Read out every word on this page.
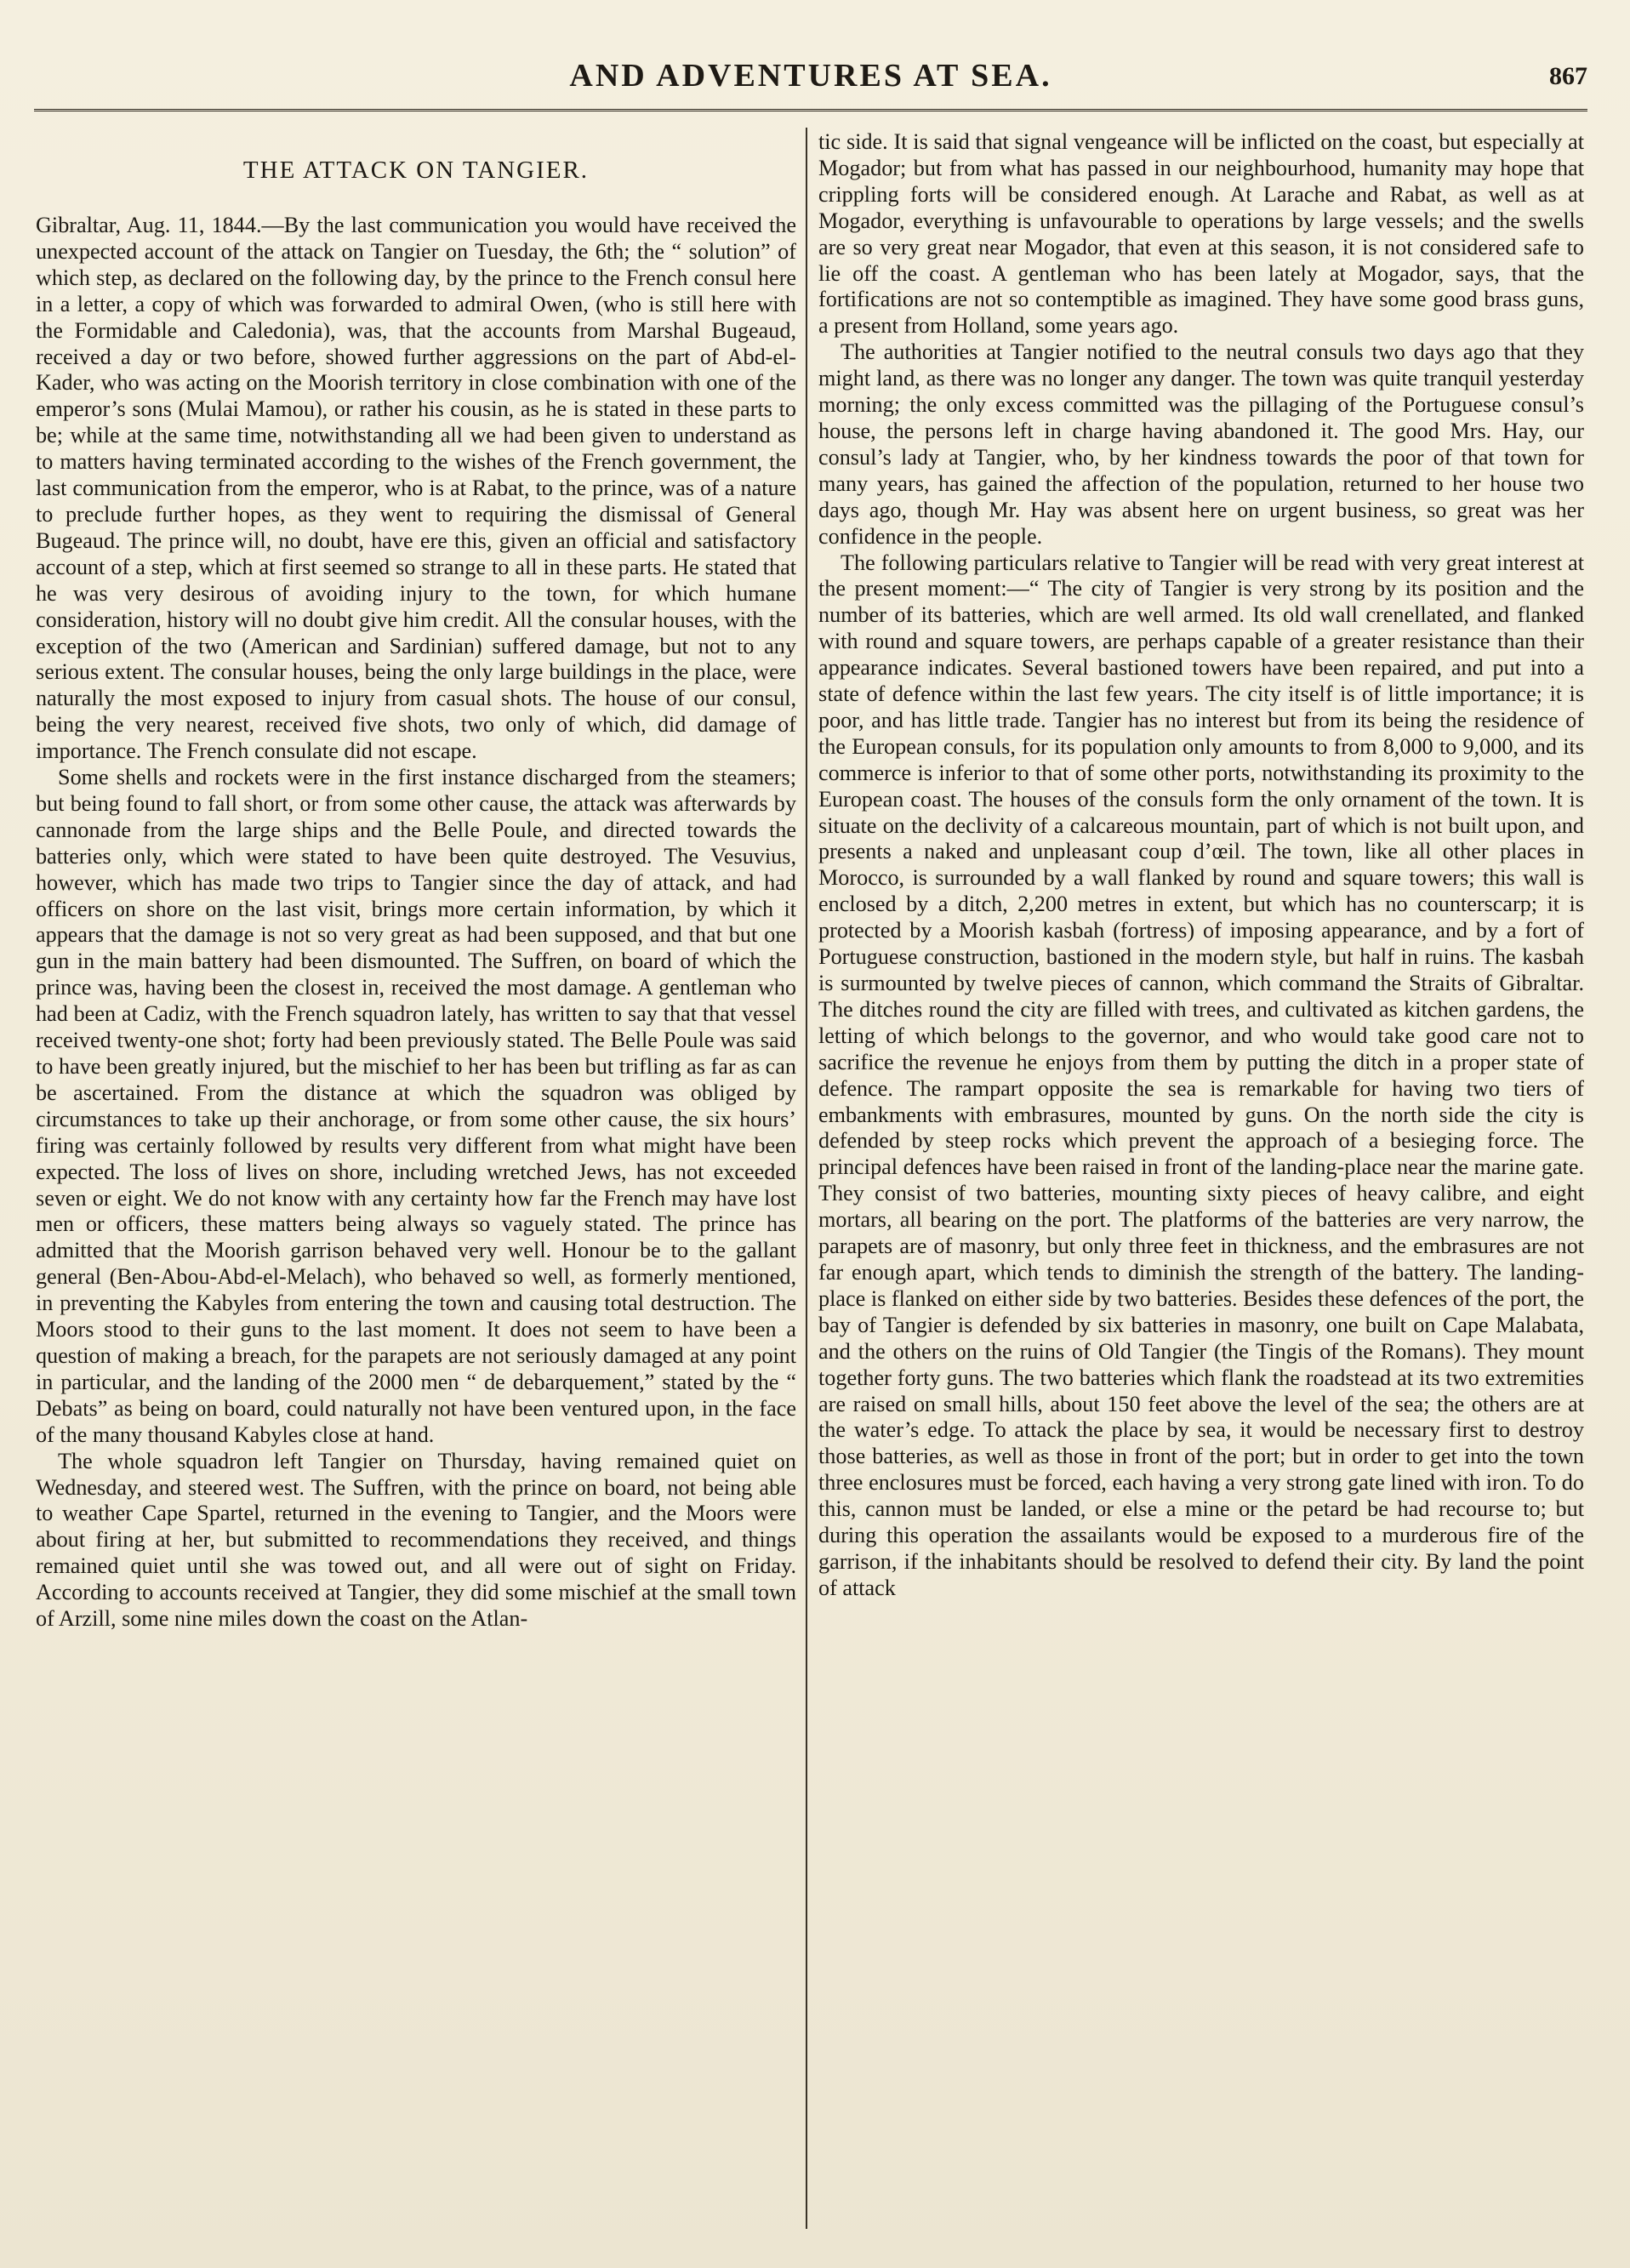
AND ADVENTURES AT SEA.	867
THE ATTACK ON TANGIER.

Gibraltar, Aug. 11, 1844.—By the last communication you would have received the unexpected account of the attack on Tangier on Tuesday, the 6th; the “ solution” of which step, as declared on the following day, by the prince to the French consul here in a letter, a copy of which was forwarded to admiral Owen, (who is still here with the Formidable and Caledonia), was, that the accounts from Marshal Bugeaud, received a day or two before, showed further aggressions on the part of Abd-el-Kader, who was acting on the Moorish territory in close combination with one of the emperor’s sons (Mulai Mamou), or rather his cousin, as he is stated in these parts to be; while at the same time, notwithstanding all we had been given to understand as to matters having terminated according to the wishes of the French government, the last communication from the emperor, who is at Rabat, to the prince, was of a nature to preclude further hopes, as they went to requiring the dismissal of General Bugeaud. The prince will, no doubt, have ere this, given an official and satisfactory account of a step, which at first seemed so strange to all in these parts. He stated that he was very desirous of avoiding injury to the town, for which humane consideration, history will no doubt give him credit. All the consular houses, with the exception of the two (American and Sardinian) suffered damage, but not to any serious extent. The consular houses, being the only large buildings in the place, were naturally the most exposed to injury from casual shots. The house of our consul, being the very nearest, received five shots, two only of which, did damage of importance. The French consulate did not escape.

Some shells and rockets were in the first instance discharged from the steamers; but being found to fall short, or from some other cause, the attack was afterwards by cannonade from the large ships and the Belle Poule, and directed towards the batteries only, which were stated to have been quite destroyed. The Vesuvius, however, which has made two trips to Tangier since the day of attack, and had officers on shore on the last visit, brings more certain information, by which it appears that the damage is not so very great as had been supposed, and that but one gun in the main battery had been dismounted. The Suffren, on board of which the prince was, having been the closest in, received the most damage. A gentleman who had been at Cadiz, with the French squadron lately, has written to say that that vessel received twenty-one shot; forty had been previously stated. The Belle Poule was said to have been greatly injured, but the mischief to her has been but trifling as far as can be ascertained. From the distance at which the squadron was obliged by circumstances to take up their anchorage, or from some other cause, the six hours’ firing was certainly followed by results very different from what might have been expected. The loss of lives on shore, including wretched Jews, has not exceeded seven or eight. We do not know with any certainty how far the French may have lost men or officers, these matters being always so vaguely stated. The prince has admitted that the Moorish garrison behaved very well. Honour be to the gallant general (Ben-Abou-Abd-el-Melach), who behaved so well, as formerly mentioned, in preventing the Kabyles from entering the town and causing total destruction. The Moors stood to their guns to the last moment. It does not seem to have been a question of making a breach, for the parapets are not seriously damaged at any point in particular, and the landing of the 2000 men “ de debarquement,” stated by the “ Debats” as being on board, could naturally not have been ventured upon, in the face of the many thousand Kabyles close at hand.

The whole squadron left Tangier on Thursday, having remained quiet on Wednesday, and steered west. The Suffren, with the prince on board, not being able to weather Cape Spartel, returned in the evening to Tangier, and the Moors were about firing at her, but submitted to recommendations they received, and things remained quiet until she was towed out, and all were out of sight on Friday. According to accounts received at Tangier, they did some mischief at the small town of Arzill, some nine miles down the coast on the Atlan-

tic side. It is said that signal vengeance will be inflicted on the coast, but especially at Mogador; but from what has passed in our neighbourhood, humanity may hope that crippling forts will be considered enough. At Larache and Rabat, as well as at Mogador, everything is unfavourable to operations by large vessels; and the swells are so very great near Mogador, that even at this season, it is not considered safe to lie off the coast. A gentleman who has been lately at Mogador, says, that the fortifications are not so contemptible as imagined. They have some good brass guns, a present from Holland, some years ago.

The authorities at Tangier notified to the neutral consuls two days ago that they might land, as there was no longer any danger. The town was quite tranquil yesterday morning; the only excess committed was the pillaging of the Portuguese consul’s house, the persons left in charge having abandoned it. The good Mrs. Hay, our consul’s lady at Tangier, who, by her kindness towards the poor of that town for many years, has gained the affection of the population, returned to her house two days ago, though Mr. Hay was absent here on urgent business, so great was her confidence in the people.

The following particulars relative to Tangier will be read with very great interest at the present moment:—“ The city of Tangier is very strong by its position and the number of its batteries, which are well armed. Its old wall crenellated, and flanked with round and square towers, are perhaps capable of a greater resistance than their appearance indicates. Several bastioned towers have been repaired, and put into a state of defence within the last few years. The city itself is of little importance; it is poor, and has little trade. Tangier has no interest but from its being the residence of the European consuls, for its population only amounts to from 8,000 to 9,000, and its commerce is inferior to that of some other ports, notwithstanding its proximity to the European coast. The houses of the consuls form the only ornament of the town. It is situate on the declivity of a calcareous mountain, part of which is not built upon, and presents a naked and unpleasant coup d’œil. The town, like all other places in Morocco, is surrounded by a wall flanked by round and square towers; this wall is enclosed by a ditch, 2,200 metres in extent, but which has no counterscarp; it is protected by a Moorish kasbah (fortress) of imposing appearance, and by a fort of Portuguese construction, bastioned in the modern style, but half in ruins. The kasbah is surmounted by twelve pieces of cannon, which command the Straits of Gibraltar. The ditches round the city are filled with trees, and cultivated as kitchen gardens, the letting of which belongs to the governor, and who would take good care not to sacrifice the revenue he enjoys from them by putting the ditch in a proper state of defence. The rampart opposite the sea is remarkable for having two tiers of embankments with embrasures, mounted by guns. On the north side the city is defended by steep rocks which prevent the approach of a besieging force. The principal defences have been raised in front of the landing-place near the marine gate. They consist of two batteries, mounting sixty pieces of heavy calibre, and eight mortars, all bearing on the port. The platforms of the batteries are very narrow, the parapets are of masonry, but only three feet in thickness, and the embrasures are not far enough apart, which tends to diminish the strength of the battery. The landing-place is flanked on either side by two batteries. Besides these defences of the port, the bay of Tangier is defended by six batteries in masonry, one built on Cape Malabata, and the others on the ruins of Old Tangier (the Tingis of the Romans). They mount together forty guns. The two batteries which flank the roadstead at its two extremities are raised on small hills, about 150 feet above the level of the sea; the others are at the water’s edge. To attack the place by sea, it would be necessary first to destroy those batteries, as well as those in front of the port; but in order to get into the town three enclosures must be forced, each having a very strong gate lined with iron. To do this, cannon must be landed, or else a mine or the petard be had recourse to; but during this operation the assailants would be exposed to a murderous fire of the garrison, if the inhabitants should be resolved to defend their city. By land the point of attack
